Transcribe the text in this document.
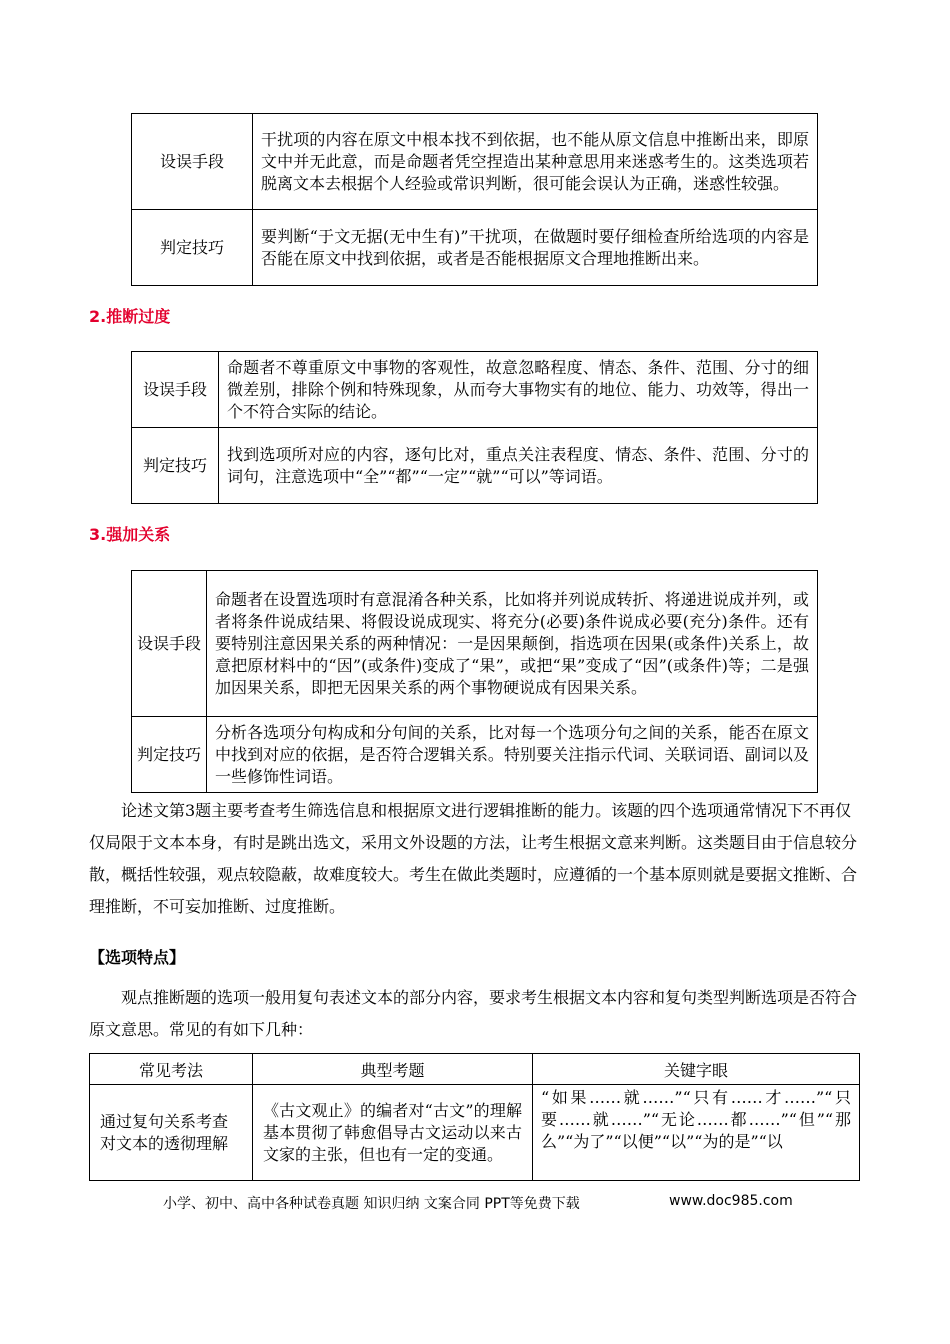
设误手段	干扰项的内容在原文中根本找不到依据，也不能从原文信息中推断出来，即原文中并无此意，而是命题者凭空捏造出某种意思用来迷惑考生的。这类选项若脱离文本去根据个人经验或常识判断，很可能会误认为正确，迷惑性较强。
判定技巧	要判断“于文无据(无中生有)”干扰项，在做题时要仔细检查所给选项的内容是否能在原文中找到依据，或者是否能根据原文合理地推断出来。
2.推断过度
设误手段	命题者不尊重原文中事物的客观性，故意忽略程度、情态、条件、范围、分寸的细微差别，排除个例和特殊现象，从而夸大事物实有的地位、能力、功效等，得出一个不符合实际的结论。
判定技巧	找到选项所对应的内容，逐句比对，重点关注表程度、情态、条件、范围、分寸的词句，注意选项中“全”“都”“一定”“就”“可以”等词语。
3.强加关系
设误手段	命题者在设置选项时有意混淆各种关系，比如将并列说成转折、将递进说成并列，或者将条件说成结果、将假设说成现实、将充分(必要)条件说成必要(充分)条件。还有要特别注意因果关系的两种情况：一是因果颠倒，指选项在因果(或条件)关系上，故意把原材料中的“因”(或条件)变成了“果”，或把“果”变成了“因”(或条件)等；二是强加因果关系，即把无因果关系的两个事物硬说成有因果关系。
判定技巧	分析各选项分句构成和分句间的关系，比对每一个选项分句之间的关系，能否在原文中找到对应的依据，是否符合逻辑关系。特别要关注指示代词、关联词语、副词以及一些修饰性词语。

论述文第3题主要考查考生筛选信息和根据原文进行逻辑推断的能力。该题的四个选项通常情况下不再仅仅局限于文本本身，有时是跳出选文，采用文外设题的方法，让考生根据文意来判断。这类题目由于信息较分散，概括性较强，观点较隐蔽，故难度较大。考生在做此类题时，应遵循的一个基本原则就是要据文推断、合理推断，不可妄加推断、过度推断。

【选项特点】

观点推断题的选项一般用复句表述文本的部分内容，要求考生根据文本内容和复句类型判断选项是否符合原文意思。常见的有如下几种：

常见考法	典型考题	关键字眼
通过复句关系考查对文本的透彻理解	《古文观止》的编者对“古文”的理解基本贯彻了韩愈倡导古文运动以来古文家的主张，但也有一定的变通。	“如果……就……”“只有……才……”“只要……就……”“无论……都……”“但”“那么”“为了”“以便”“以”“为的是”“以
小学、初中、高中各种试卷真题 知识归纳 文案合同 PPT等免费下载	www.doc985.com
